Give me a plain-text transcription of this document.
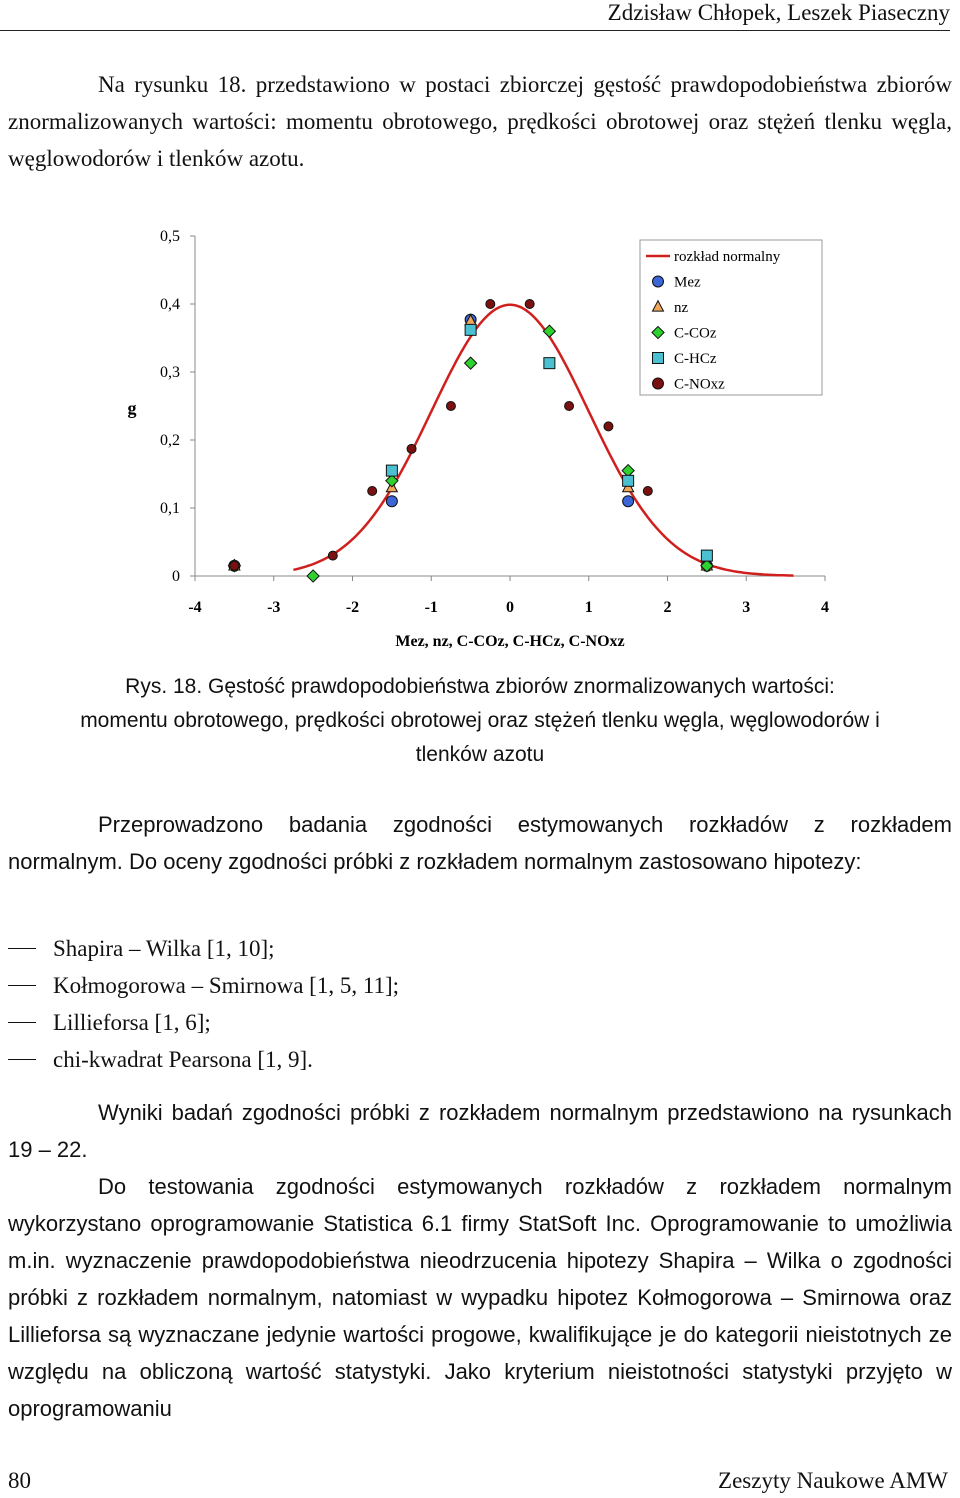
Zdzisław Chłopek, Leszek Piaseczny

Na rysunku 18. przedstawiono w postaci zbiorczej gęstość prawdopodobieństwa zbiorów znormalizowanych wartości: momentu obrotowego, prędkości obrotowej oraz stężeń tlenku węgla, węglowodorów i tlenków azotu.

0
0,1
0,2
0,3
0,4
0,5
-4	-3	-2	-1	0	1	2	3	4
Mez, nz, C-COz, C-HCz, C-NOxz
g
rozkład normalny
Mez
nz
C-COz
C-HCz
C-NOxz

Rys. 18. Gęstość prawdopodobieństwa zbiorów znormalizowanych wartości: momentu obrotowego, prędkości obrotowej oraz stężeń tlenku węgla, węglowodorów i tlenków azotu

Przeprowadzono badania zgodności estymowanych rozkładów z rozkładem normalnym. Do oceny zgodności próbki z rozkładem normalnym zastosowano hipotezy:

Shapira – Wilka [1, 10];
Kołmogorowa – Smirnowa [1, 5, 11];
Lillieforsa [1, 6];
chi-kwadrat Pearsona [1, 9].

Wyniki badań zgodności próbki z rozkładem normalnym przedstawiono na rysunkach 19 – 22.

Do testowania zgodności estymowanych rozkładów z rozkładem normalnym wykorzystano oprogramowanie Statistica 6.1 firmy StatSoft Inc. Oprogramowanie to umożliwia m.in. wyznaczenie prawdopodobieństwa nieodrzucenia hipotezy Shapira – Wilka o zgodności próbki z rozkładem normalnym, natomiast w wypadku hipotez Kołmogorowa – Smirnowa oraz Lillieforsa są wyznaczane jedynie wartości progowe, kwalifikujące je do kategorii nieistotnych ze względu na obliczoną wartość statystyki. Jako kryterium nieistotności statystyki przyjęto w oprogramowaniu

80	Zeszyty Naukowe AMW
